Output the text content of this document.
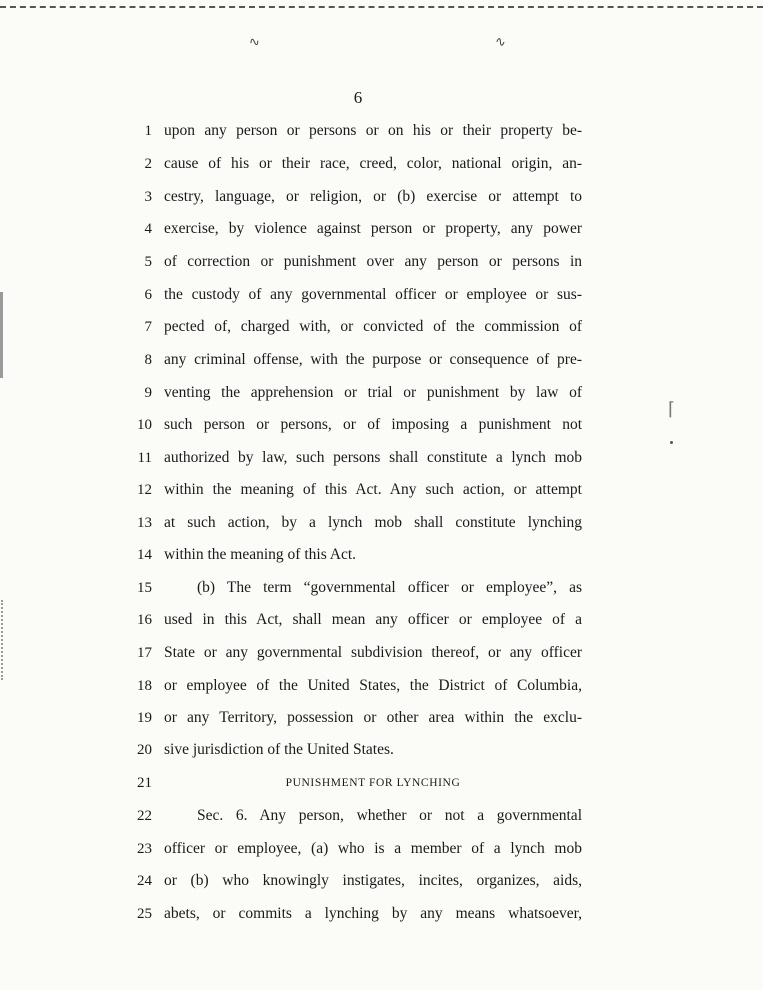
∿	∿
⌈
6
1 upon any person or persons or on his or their property be-
2 cause of his or their race, creed, color, national origin, an-
3 cestry, language, or religion, or (b) exercise or attempt to
4 exercise, by violence against person or property, any power
5 of correction or punishment over any person or persons in
6 the custody of any governmental officer or employee or sus-
7 pected of, charged with, or convicted of the commission of
8 any criminal offense, with the purpose or consequence of pre-
9 venting the apprehension or trial or punishment by law of
10 such person or persons, or of imposing a punishment not
11 authorized by law, such persons shall constitute a lynch mob
12 within the meaning of this Act. Any such action, or attempt
13 at such action, by a lynch mob shall constitute lynching
14 within the meaning of this Act.
15	(b) The term “governmental officer or employee”, as
16 used in this Act, shall mean any officer or employee of a
17 State or any governmental subdivision thereof, or any officer
18 or employee of the United States, the District of Columbia,
19 or any Territory, possession or other area within the exclu-
20 sive jurisdiction of the United States.
21	PUNISHMENT FOR LYNCHING
22	Sec. 6. Any person, whether or not a governmental
23 officer or employee, (a) who is a member of a lynch mob
24 or (b) who knowingly instigates, incites, organizes, aids,
25 abets, or commits a lynching by any means whatsoever,
